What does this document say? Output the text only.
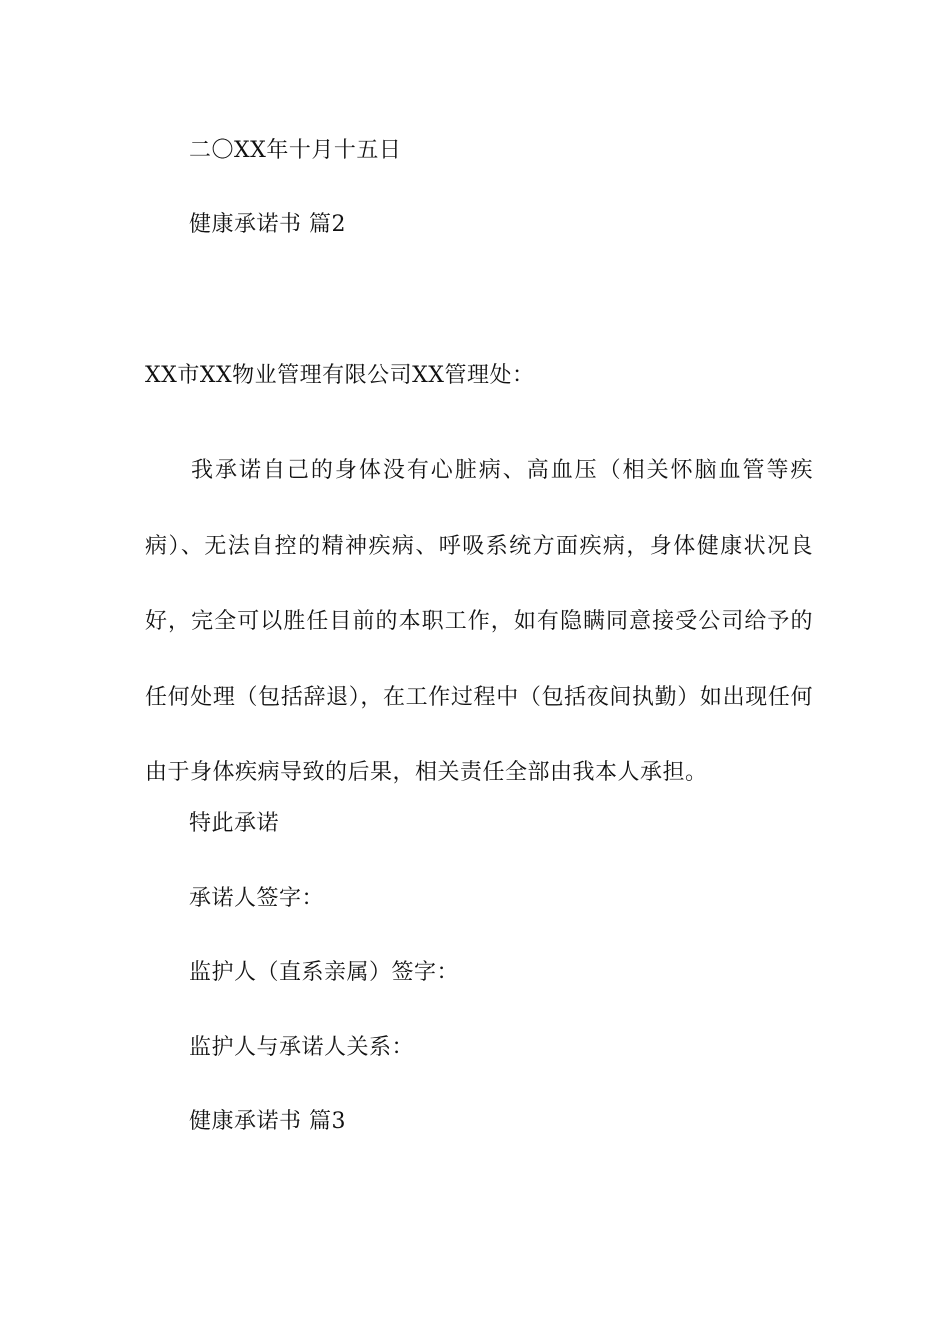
二〇XX年十月十五日
健康承诺书 篇2
XX市XX物业管理有限公司XX管理处：

我承诺自己的身体没有心脏病、高血压（相关怀脑血管等疾病）、无法自控的精神疾病、呼吸系统方面疾病，身体健康状况良好，完全可以胜任目前的本职工作，如有隐瞒同意接受公司给予的任何处理（包括辞退），在工作过程中（包括夜间执勤）如出现任何由于身体疾病导致的后果，相关责任全部由我本人承担。

特此承诺
承诺人签字：
监护人（直系亲属）签字：
监护人与承诺人关系：
健康承诺书 篇3
